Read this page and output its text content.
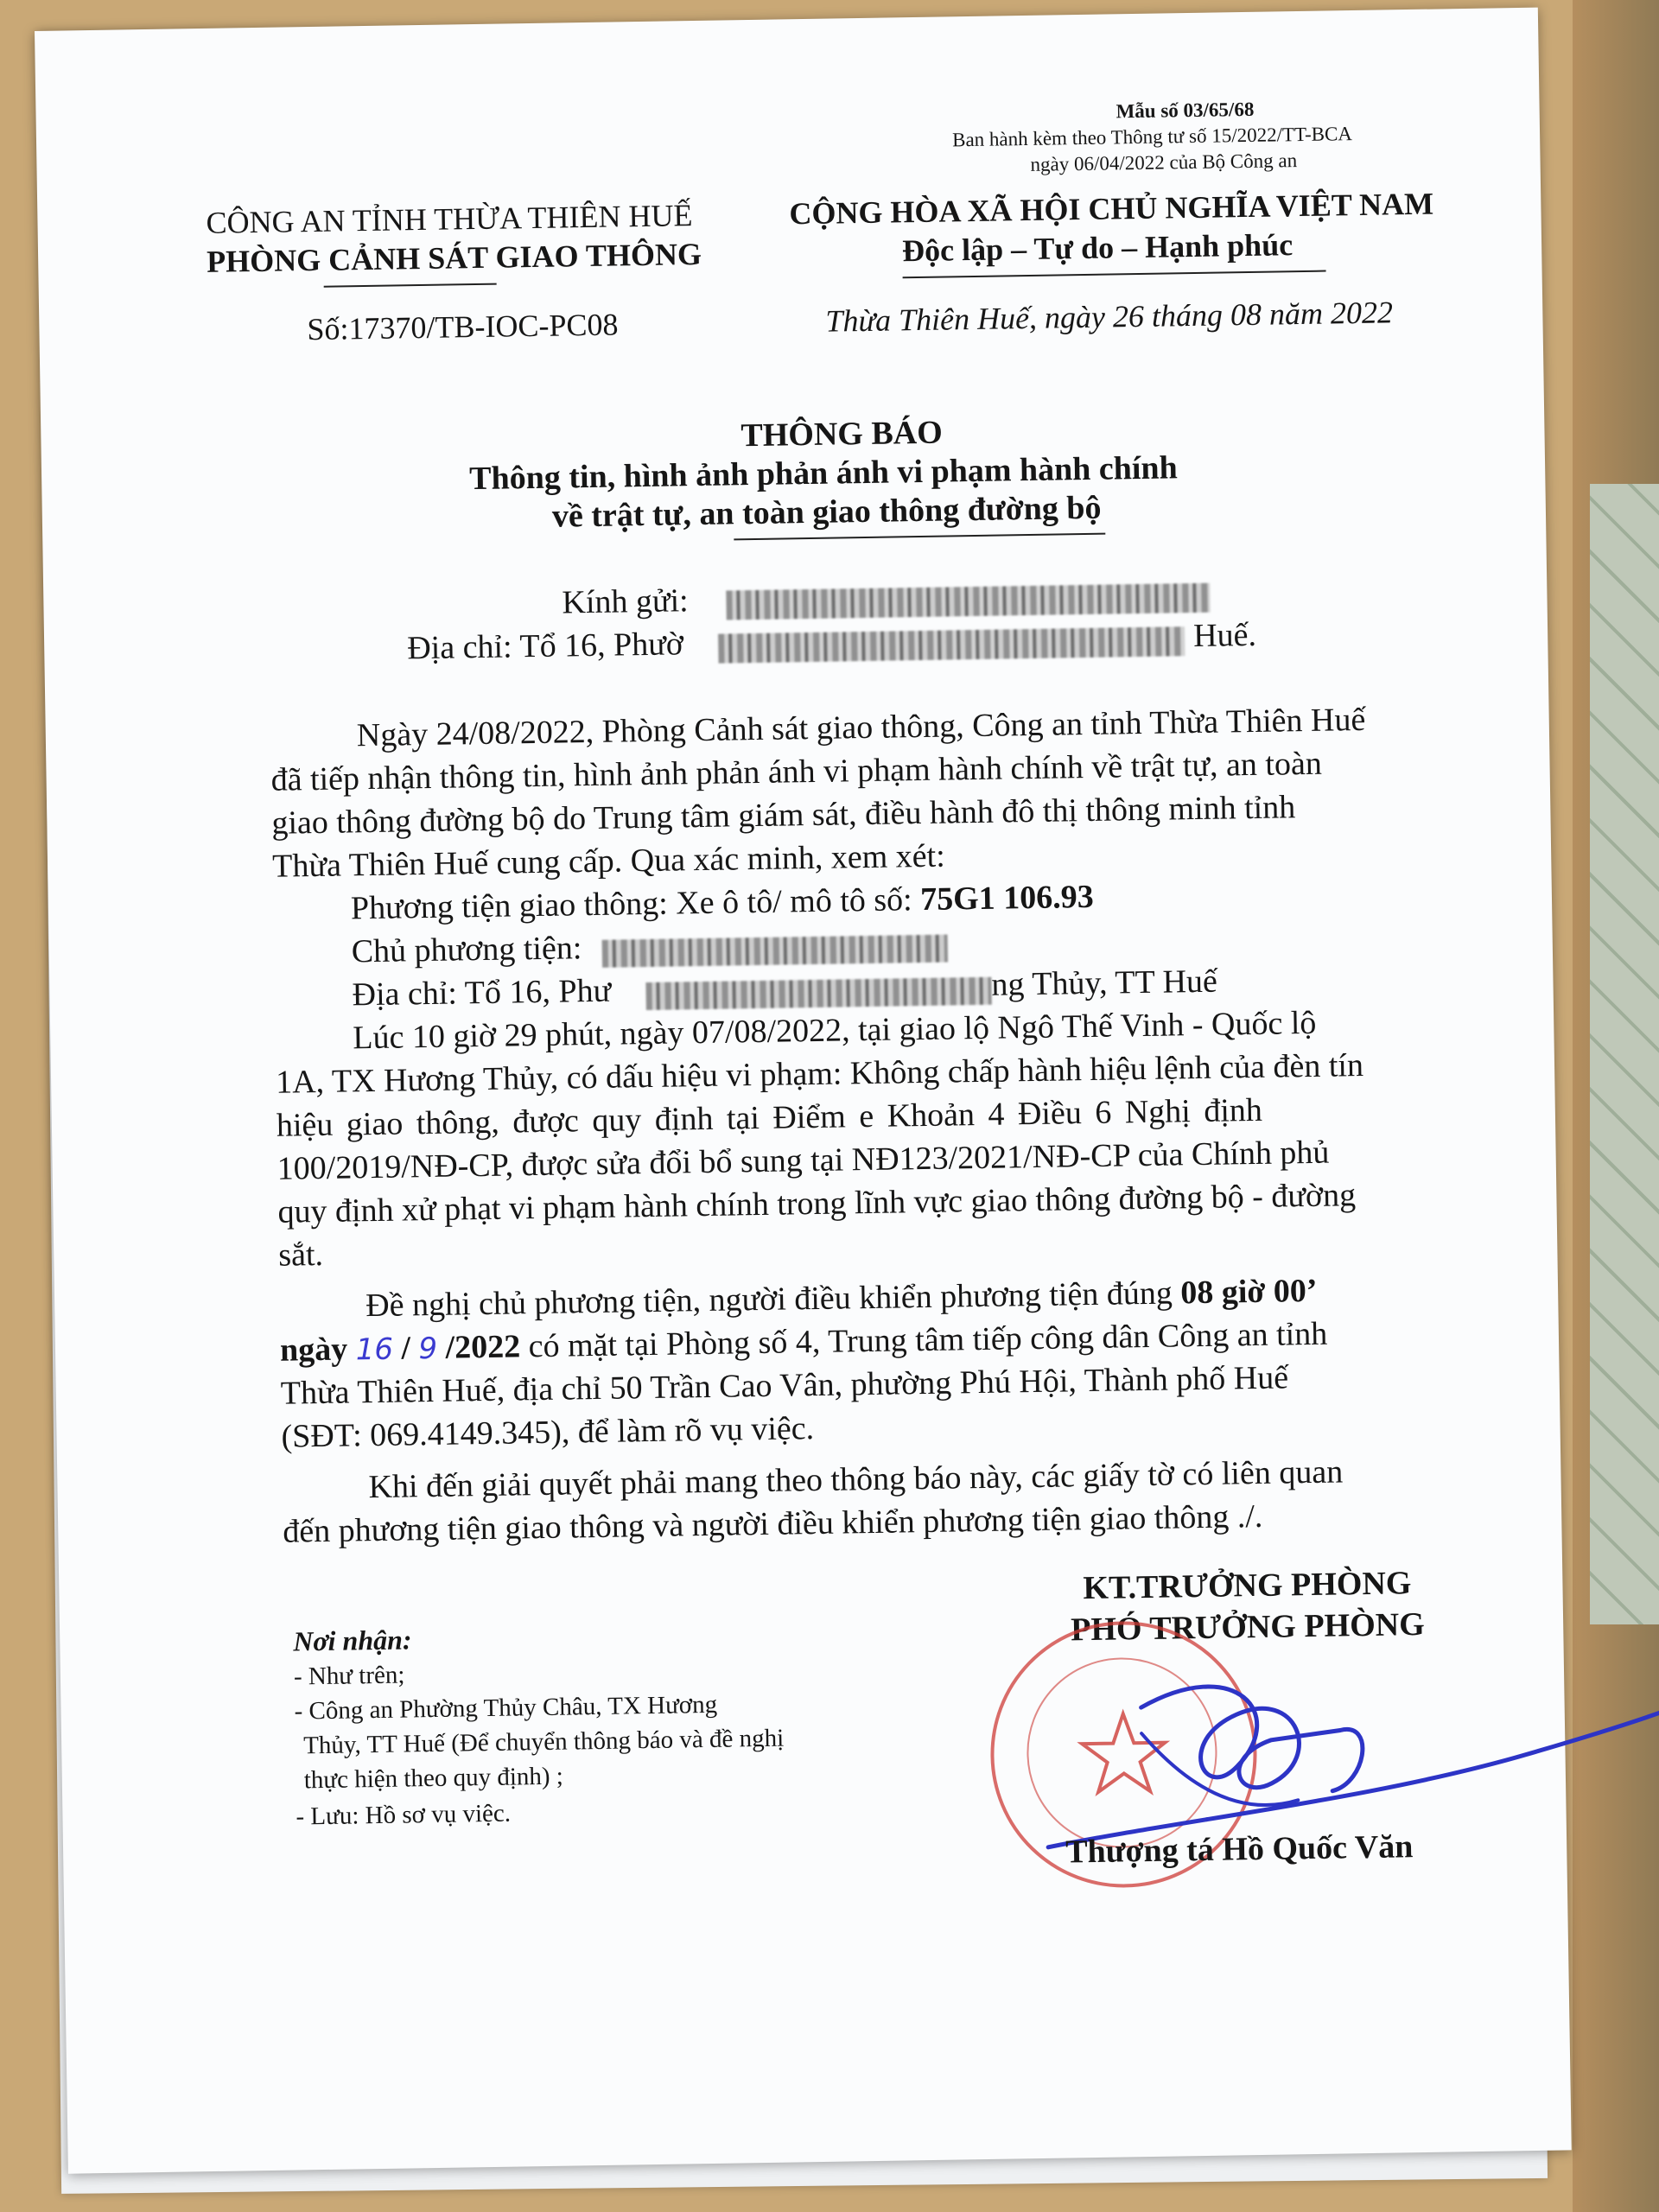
Mẫu số 03/65/68
Ban hành kèm theo Thông tư số 15/2022/TT-BCA
ngày 06/04/2022 của Bộ Công an
CÔNG AN TỈNH THỪA THIÊN HUẾ
PHÒNG CẢNH SÁT GIAO THÔNG
CỘNG HÒA XÃ HỘI CHỦ NGHĨA VIỆT NAM
Độc lập – Tự do – Hạnh phúc
Số:17370/TB-IOC-PC08	Thừa Thiên Huế, ngày 26 tháng 08 năm 2022
THÔNG BÁO
Thông tin, hình ảnh phản ánh vi phạm hành chính
về trật tự, an toàn giao thông đường bộ
Kính gửi:
Địa chỉ: Tổ 16, Phườ	Huế.
Ngày 24/08/2022, Phòng Cảnh sát giao thông, Công an tỉnh Thừa Thiên Huế
đã tiếp nhận thông tin, hình ảnh phản ánh vi phạm hành chính về trật tự, an toàn
giao thông đường bộ do Trung tâm giám sát, điều hành đô thị thông minh tỉnh
Thừa Thiên Huế cung cấp. Qua xác minh, xem xét:
Phương tiện giao thông: Xe ô tô/ mô tô số: 75G1 106.93
Chủ phương tiện:
Địa chỉ: Tổ 16, Phư	ng Thủy, TT Huế
Lúc 10 giờ 29 phút, ngày 07/08/2022, tại giao lộ Ngô Thế Vinh - Quốc lộ
1A, TX Hương Thủy, có dấu hiệu vi phạm: Không chấp hành hiệu lệnh của đèn tín
hiệu giao thông, được quy định tại Điểm e Khoản 4 Điều 6 Nghị định
100/2019/NĐ-CP, được sửa đổi bổ sung tại NĐ123/2021/NĐ-CP của Chính phủ
quy định xử phạt vi phạm hành chính trong lĩnh vực giao thông đường bộ - đường
sắt.
Đề nghị chủ phương tiện, người điều khiển phương tiện đúng 08 giờ 00’
ngày 16 / 9 /2022 có mặt tại Phòng số 4, Trung tâm tiếp công dân Công an tỉnh
Thừa Thiên Huế, địa chỉ 50 Trần Cao Vân, phường Phú Hội, Thành phố Huế
(SĐT: 069.4149.345), để làm rõ vụ việc.
Khi đến giải quyết phải mang theo thông báo này, các giấy tờ có liên quan
đến phương tiện giao thông và người điều khiển phương tiện giao thông ./.
Nơi nhận:
- Như trên;
- Công an Phường Thủy Châu, TX Hương
Thủy, TT Huế (Để chuyển thông báo và đề nghị
thực hiện theo quy định) ;
- Lưu: Hồ sơ vụ việc.
KT.TRƯỞNG PHÒNG
PHÓ TRƯỞNG PHÒNG
Thượng tá Hồ Quốc Văn
